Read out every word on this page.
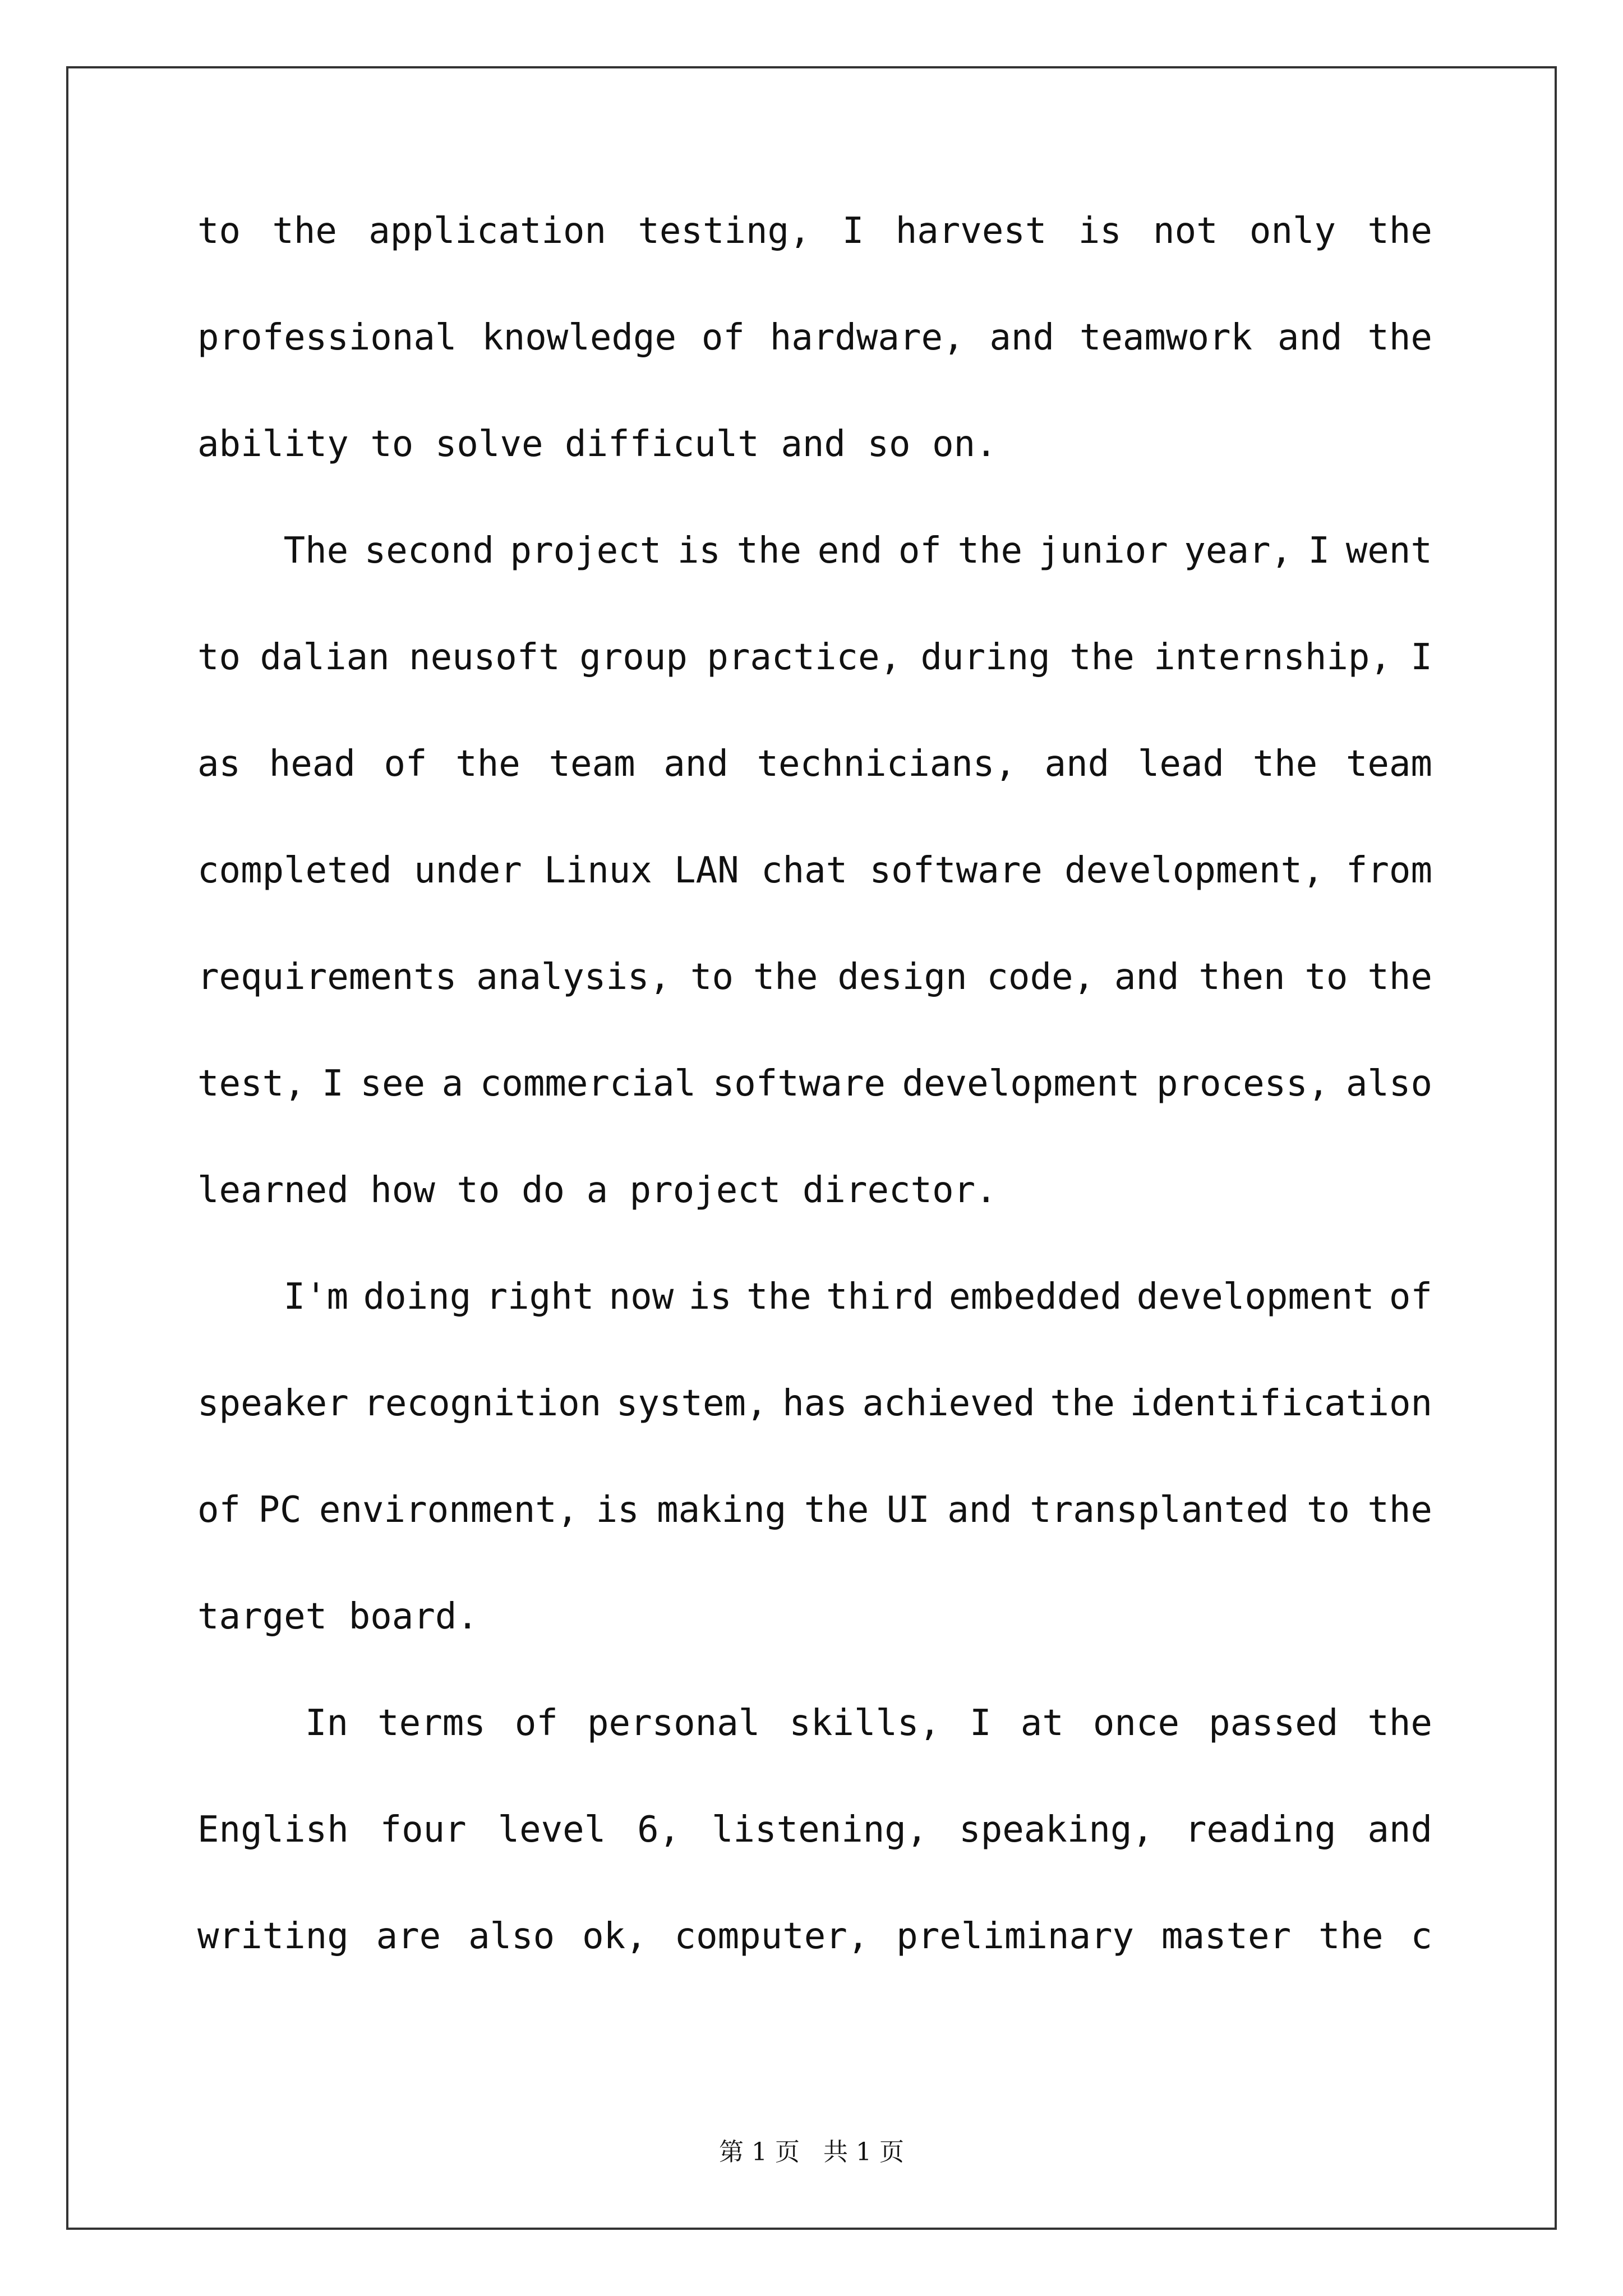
to the application testing, I harvest is not only the
professional knowledge of hardware, and teamwork and the
ability to solve difficult and so on.
The second project is the end of the junior year, I went
to dalian neusoft group practice, during the internship, I
as head of the team and technicians, and lead the team
completed under Linux LAN chat software development, from
requirements analysis, to the design code, and then to the
test, I see a commercial software development process, also
learned how to do a project director.
I'm doing right now is the third embedded development of
speaker recognition system, has achieved the identification
of PC environment, is making the UI and transplanted to the
target board.
In terms of personal skills, I at once passed the
English four level 6, listening, speaking, reading and
writing are also ok, computer, preliminary master the c
第 1 页   共 1 页
